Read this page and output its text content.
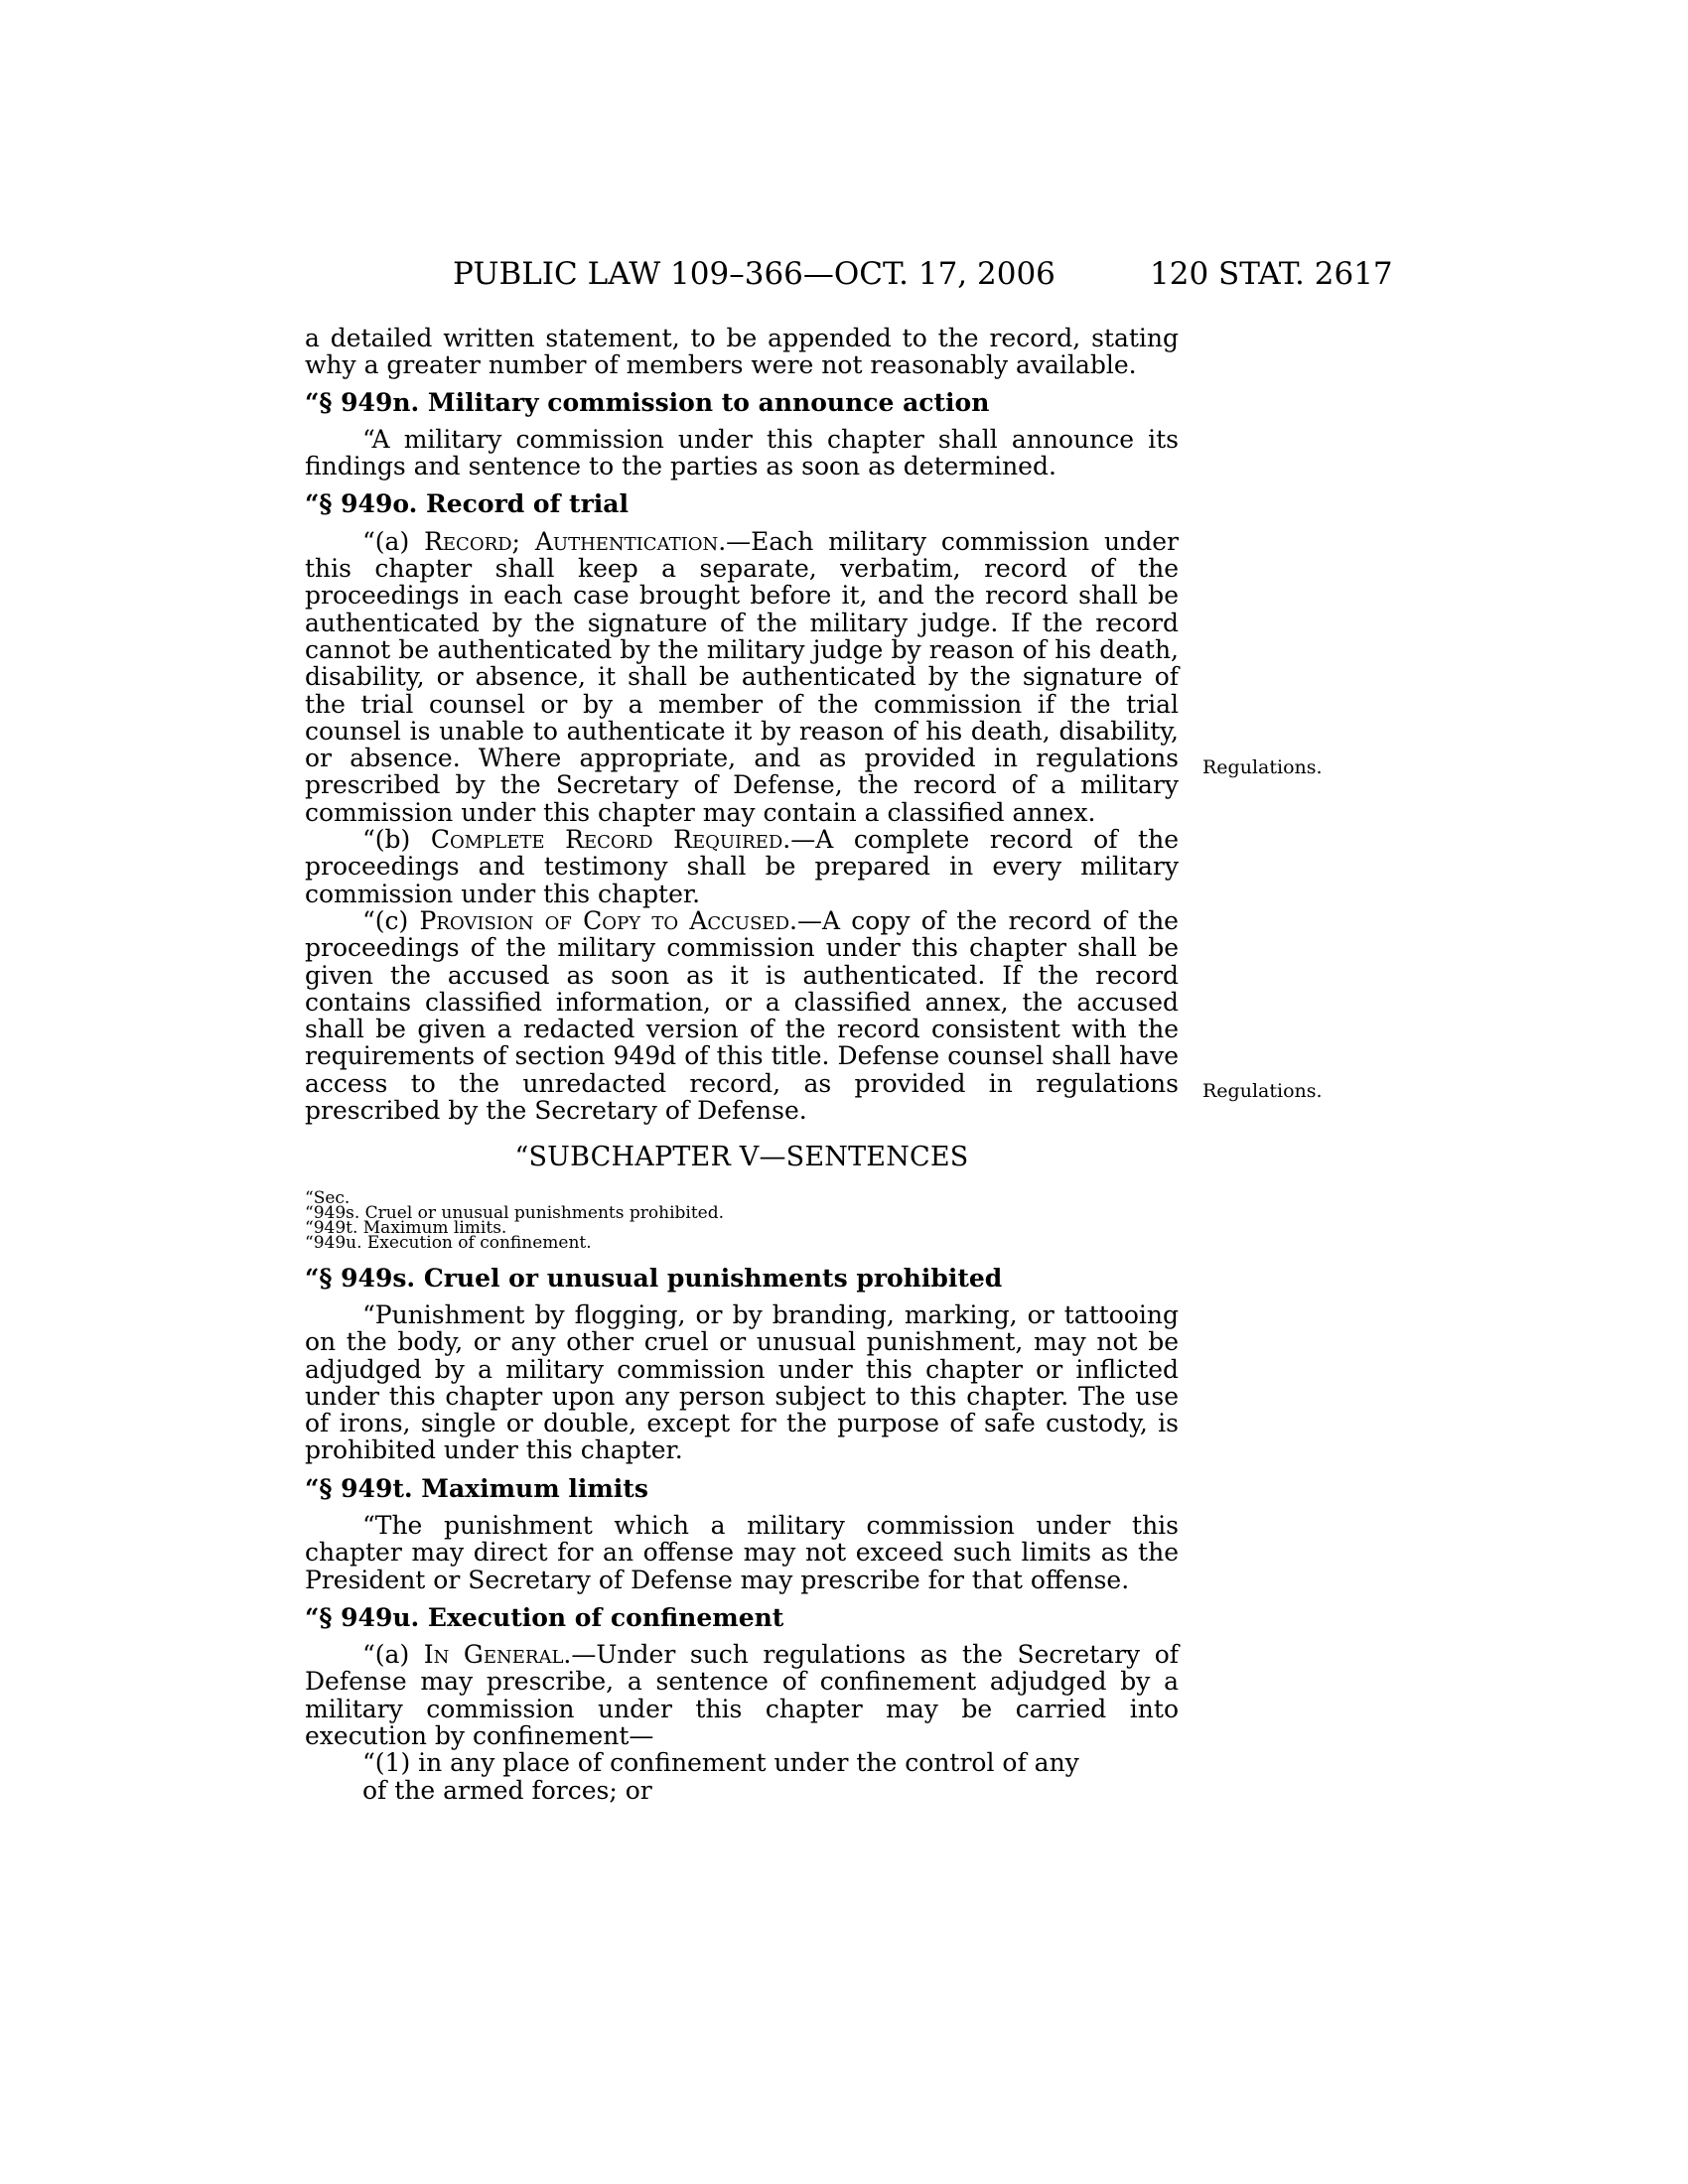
PUBLIC LAW 109–366—OCT. 17, 2006	120 STAT. 2617

a detailed written statement, to be appended to the record, stating why a greater number of members were not reasonably available.

“§ 949n. Military commission to announce action

“A military commission under this chapter shall announce its findings and sentence to the parties as soon as determined.

“§ 949o. Record of trial

“(a) Record; Authentication.—Each military commission under this chapter shall keep a separate, verbatim, record of the proceedings in each case brought before it, and the record shall be authenticated by the signature of the military judge. If the record cannot be authenticated by the military judge by reason of his death, disability, or absence, it shall be authenticated by the signature of the trial counsel or by a member of the commission if the trial counsel is unable to authenticate it by reason of his death, disability, or absence. Where appropriate, and as provided in regulations prescribed by the Secretary of Defense, the record of a military commission under this chapter may contain a classified annex.

“(b) Complete Record Required.—A complete record of the proceedings and testimony shall be prepared in every military commission under this chapter.

“(c) Provision of Copy to Accused.—A copy of the record of the proceedings of the military commission under this chapter shall be given the accused as soon as it is authenticated. If the record contains classified information, or a classified annex, the accused shall be given a redacted version of the record consistent with the requirements of section 949d of this title. Defense counsel shall have access to the unredacted record, as provided in regulations prescribed by the Secretary of Defense.

“SUBCHAPTER V—SENTENCES
“Sec.
“949s. Cruel or unusual punishments prohibited.
“949t. Maximum limits.
“949u. Execution of confinement.
“§ 949s. Cruel or unusual punishments prohibited

“Punishment by flogging, or by branding, marking, or tattooing on the body, or any other cruel or unusual punishment, may not be adjudged by a military commission under this chapter or inflicted under this chapter upon any person subject to this chapter. The use of irons, single or double, except for the purpose of safe custody, is prohibited under this chapter.

“§ 949t. Maximum limits

“The punishment which a military commission under this chapter may direct for an offense may not exceed such limits as the President or Secretary of Defense may prescribe for that offense.

“§ 949u. Execution of confinement

“(a) In General.—Under such regulations as the Secretary of Defense may prescribe, a sentence of confinement adjudged by a military commission under this chapter may be carried into execution by confinement—

“(1) in any place of confinement under the control of any

of the armed forces; or

Regulations.
Regulations.
